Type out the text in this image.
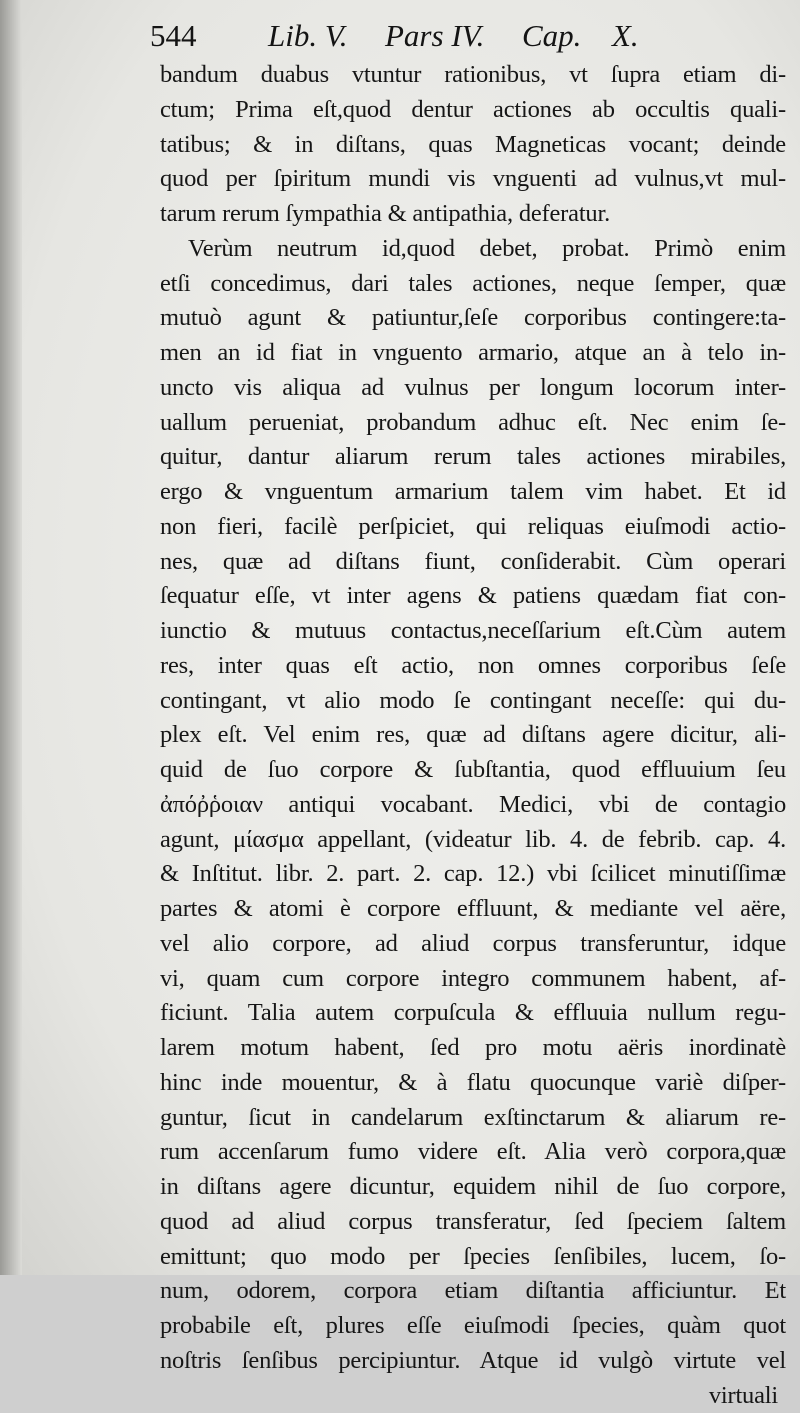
544 Lib. V. Pars IV. Cap. X.
bandum duabus vtuntur rationibus, vt ſupra etiam di-
ctum; Prima eſt,quod dentur actiones ab occultis quali-
tatibus; & in diſtans, quas Magneticas vocant; deinde
quod per ſpiritum mundi vis vnguenti ad vulnus,vt mul-
tarum rerum ſympathia & antipathia, deferatur.
Verùm neutrum id,quod debet, probat. Primò enim
etſi concedimus, dari tales actiones, neque ſemper, quæ
mutuò agunt & patiuntur,ſeſe corporibus contingere:ta-
men an id fiat in vnguento armario, atque an à telo in-
uncto vis aliqua ad vulnus per longum locorum inter-
uallum perueniat, probandum adhuc eſt. Nec enim ſe-
quitur, dantur aliarum rerum tales actiones mirabiles,
ergo & vnguentum armarium talem vim habet. Et id
non fieri, facilè perſpiciet, qui reliquas eiuſmodi actio-
nes, quæ ad diſtans fiunt, conſiderabit. Cùm operari
ſequatur eſſe, vt inter agens & patiens quædam fiat con-
iunctio & mutuus contactus,neceſſarium eſt.Cùm autem
res, inter quas eſt actio, non omnes corporibus ſeſe
contingant, vt alio modo ſe contingant neceſſe: qui du-
plex eſt. Vel enim res, quæ ad diſtans agere dicitur, ali-
quid de ſuo corpore & ſubſtantia, quod effluuium ſeu
ἀπόῤῥοιαν antiqui vocabant. Medici, vbi de contagio
agunt, μίασμα appellant, (videatur lib. 4. de febrib. cap. 4.
& Inſtitut. libr. 2. part. 2. cap. 12.) vbi ſcilicet minutiſſimæ
partes & atomi è corpore effluunt, & mediante vel aëre,
vel alio corpore, ad aliud corpus transferuntur, idque
vi, quam cum corpore integro communem habent, af-
ficiunt. Talia autem corpuſcula & effluuia nullum regu-
larem motum habent, ſed pro motu aëris inordinatè
hinc inde mouentur, & à flatu quocunque variè diſper-
guntur, ſicut in candelarum exſtinctarum & aliarum re-
rum accenſarum fumo videre eſt. Alia verò corpora,quæ
in diſtans agere dicuntur, equidem nihil de ſuo corpore,
quod ad aliud corpus transferatur, ſed ſpeciem ſaltem
emittunt; quo modo per ſpecies ſenſibiles, lucem, ſo-
num, odorem, corpora etiam diſtantia afficiuntur. Et
probabile eſt, plures eſſe eiuſmodi ſpecies, quàm quot
noſtris ſenſibus percipiuntur. Atque id vulgò virtute vel
virtuali
